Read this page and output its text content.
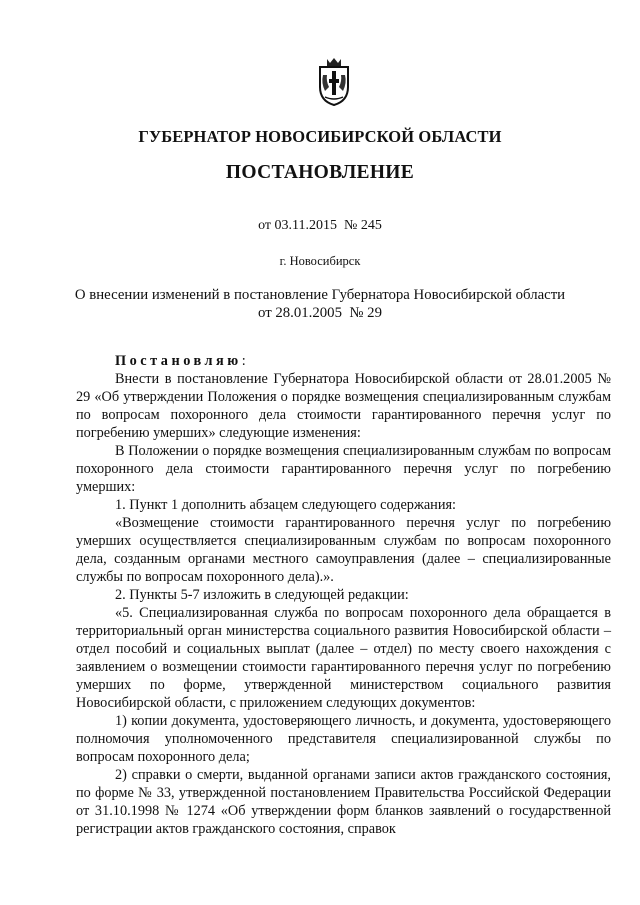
ГУБЕРНАТОР НОВОСИБИРСКОЙ ОБЛАСТИ
ПОСТАНОВЛЕНИЕ
от 03.11.2015  № 245
г. Новосибирск
О внесении изменений в постановление Губернатора Новосибирской области
от 28.01.2005  № 29

Постановляю:

Внести в постановление Губернатора Новосибирской области от 28.01.2005 № 29 «Об утверждении Положения о порядке возмещения специализированным службам по вопросам похоронного дела стоимости гарантированного перечня услуг по погребению умерших» следующие изменения:

В Положении о порядке возмещения специализированным службам по вопросам похоронного дела стоимости гарантированного перечня услуг по погребению умерших:

1. Пункт 1 дополнить абзацем следующего содержания:

«Возмещение стоимости гарантированного перечня услуг по погребению умерших осуществляется специализированным службам по вопросам похоронного дела, созданным органами местного самоуправления (далее – специализированные службы по вопросам похоронного дела).».

2. Пункты 5-7 изложить в следующей редакции:

«5. Специализированная служба по вопросам похоронного дела обращается в территориальный орган министерства социального развития Новосибирской области – отдел пособий и социальных выплат (далее – отдел) по месту своего нахождения с заявлением о возмещении стоимости гарантированного перечня услуг по погребению умерших по форме, утвержденной министерством социального развития Новосибирской области, с приложением следующих документов:

1) копии документа, удостоверяющего личность, и документа, удостоверяющего полномочия уполномоченного представителя специализированной службы по вопросам похоронного дела;

2) справки о смерти, выданной органами записи актов гражданского состояния, по форме № 33, утвержденной постановлением Правительства Российской Федерации от 31.10.1998 № 1274 «Об утверждении форм бланков заявлений о государственной регистрации актов гражданского состояния, справок
